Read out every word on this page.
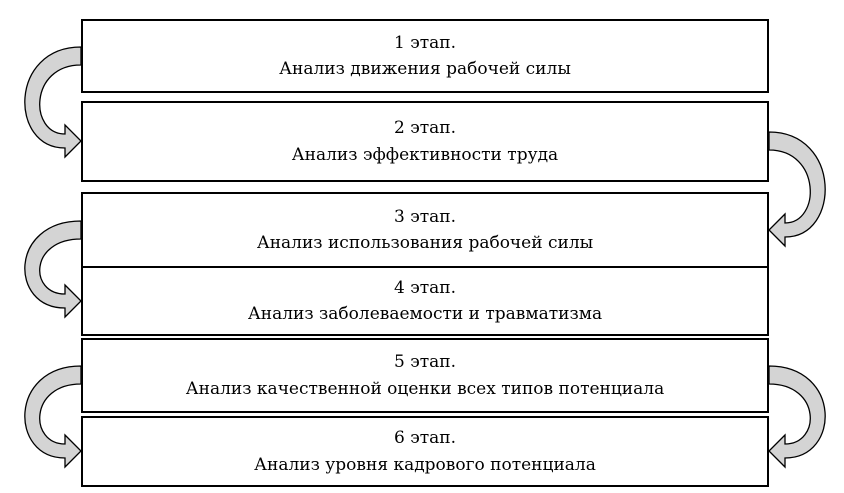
1 этап.
Анализ движения рабочей силы
2 этап.
Анализ эффективности труда
3 этап.
Анализ использования рабочей силы
4 этап.
Анализ заболеваемости и травматизма
5 этап.
Анализ качественной оценки всех типов потенциала
6 этап.
Анализ уровня кадрового потенциала
